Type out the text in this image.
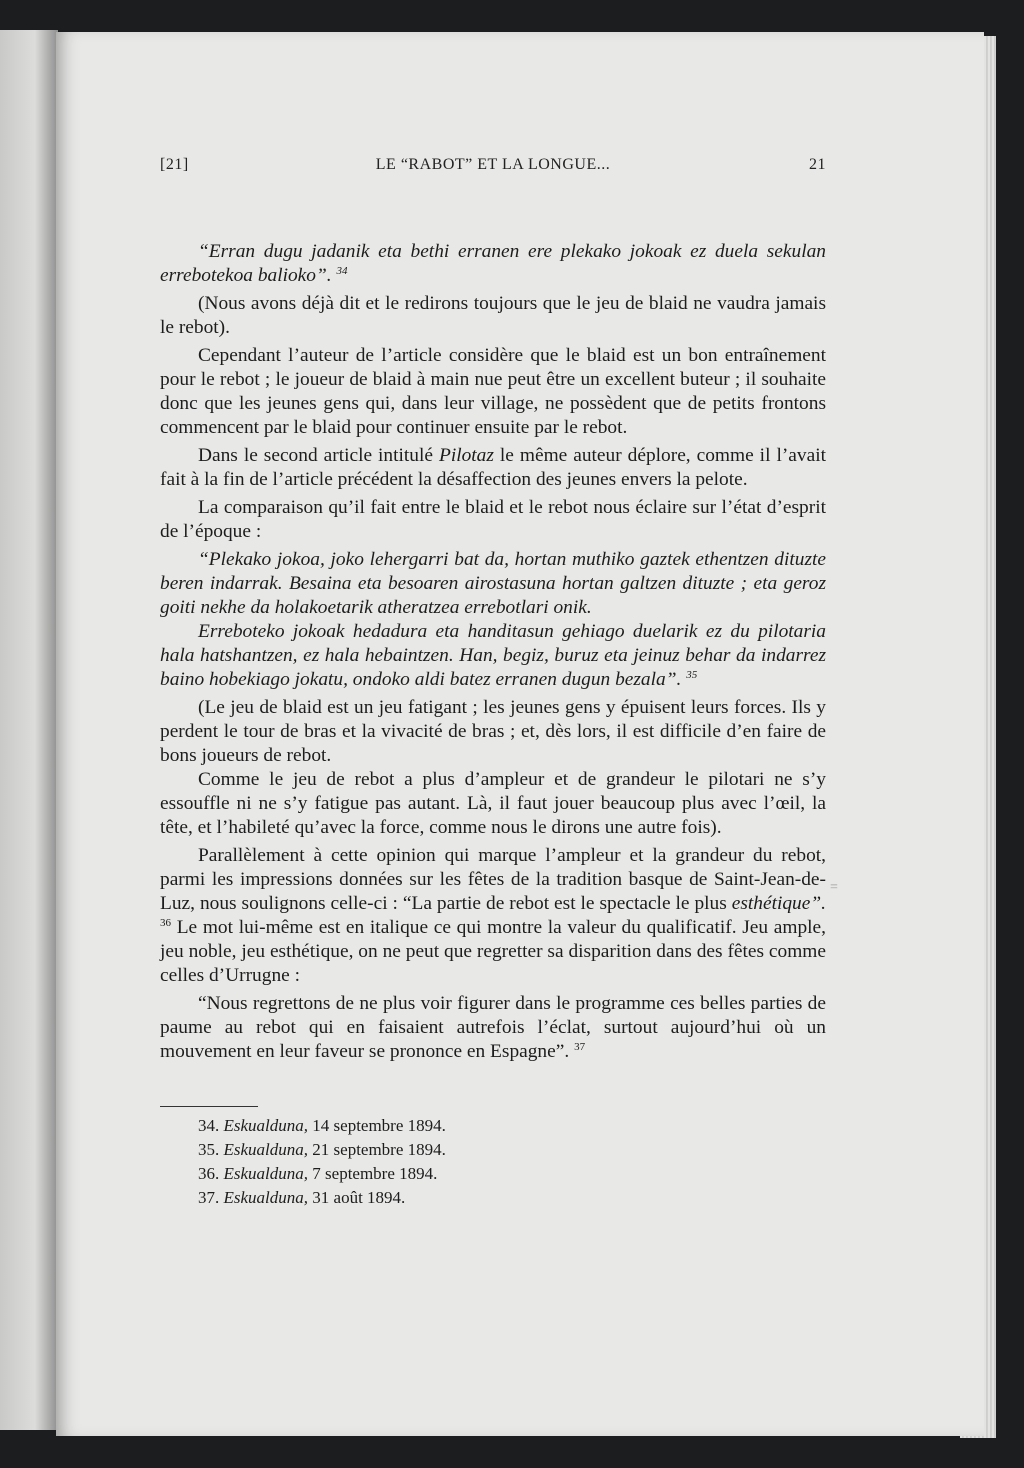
[21]	LE “RABOT” ET LA LONGUE...	21

“Erran dugu jadanik eta bethi erranen ere plekako jokoak ez duela sekulan errebotekoa balioko”. $^{34}$

(Nous avons déjà dit et le redirons toujours que le jeu de blaid ne vaudra jamais le rebot).

Cependant l’auteur de l’article considère que le blaid est un bon entraînement pour le rebot ; le joueur de blaid à main nue peut être un excellent buteur ; il souhaite donc que les jeunes gens qui, dans leur village, ne possèdent que de petits frontons commencent par le blaid pour continuer ensuite par le rebot.

Dans le second article intitulé Pilotaz le même auteur déplore, comme il l’avait fait à la fin de l’article précédent la désaffection des jeunes envers la pelote.

La comparaison qu’il fait entre le blaid et le rebot nous éclaire sur l’état d’esprit de l’époque :

“Plekako jokoa, joko lehergarri bat da, hortan muthiko gaztek ethentzen dituzte beren indarrak. Besaina eta besoaren airostasuna hortan galtzen dituzte ; eta geroz goiti nekhe da holakoetarik atheratzea errebotlari onik.

Erreboteko jokoak hedadura eta handitasun gehiago duelarik ez du pilotaria hala hatshantzen, ez hala hebaintzen. Han, begiz, buruz eta jeinuz behar da indarrez baino hobekiago jokatu, ondoko aldi batez erranen dugun bezala”. $^{35}$

(Le jeu de blaid est un jeu fatigant ; les jeunes gens y épuisent leurs forces. Ils y perdent le tour de bras et la vivacité de bras ; et, dès lors, il est difficile d’en faire de bons joueurs de rebot.

Comme le jeu de rebot a plus d’ampleur et de grandeur le pilotari ne s’y essouffle ni ne s’y fatigue pas autant. Là, il faut jouer beaucoup plus avec l’œil, la tête, et l’habileté qu’avec la force, comme nous le dirons une autre fois).

Parallèlement à cette opinion qui marque l’ampleur et la grandeur du rebot, parmi les impressions données sur les fêtes de la tradition basque de Saint-Jean-de-Luz, nous soulignons celle-ci : “La partie de rebot est le spectacle le plus esthétique”. $^{36}$ Le mot lui-même est en italique ce qui montre la valeur du qualificatif. Jeu ample, jeu noble, jeu esthétique, on ne peut que regretter sa disparition dans des fêtes comme celles d’Urrugne :

“Nous regrettons de ne plus voir figurer dans le programme ces belles parties de paume au rebot qui en faisaient autrefois l’éclat, surtout aujourd’hui où un mouvement en leur faveur se prononce en Espagne”. $^{37}$

34. Eskualduna, 14 septembre 1894.
35. Eskualduna, 21 septembre 1894.
36. Eskualduna, 7 septembre 1894.
37. Eskualduna, 31 août 1894.
=
